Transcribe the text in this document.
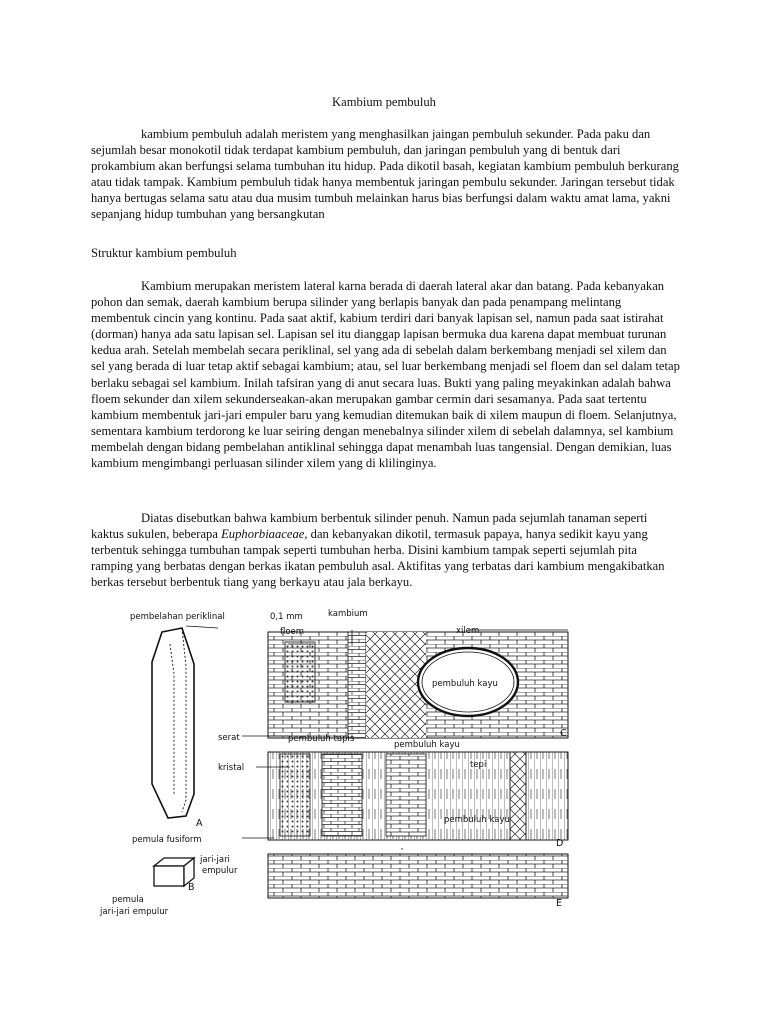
Kambium pembuluh

kambium pembuluh adalah meristem yang menghasilkan jaingan pembuluh sekunder. Pada paku dan sejumlah besar monokotil tidak terdapat kambium pembuluh, dan jaringan pembuluh yang di bentuk dari prokambium akan berfungsi selama tumbuhan itu hidup. Pada dikotil basah, kegiatan kambium pembuluh berkurang atau tidak tampak. Kambium pembuluh tidak hanya membentuk jaringan pembulu sekunder. Jaringan tersebut tidak hanya bertugas selama satu atau dua musim tumbuh melainkan harus bias berfungsi dalam waktu amat lama, yakni sepanjang hidup tumbuhan yang bersangkutan

Struktur kambium pembuluh

Kambium merupakan meristem lateral karna berada di daerah lateral akar dan batang. Pada kebanyakan pohon dan semak, daerah kambium berupa silinder yang berlapis banyak dan pada penampang melintang membentuk cincin yang kontinu. Pada saat aktif, kabium terdiri dari banyak lapisan sel, namun pada saat istirahat (dorman) hanya ada satu lapisan sel. Lapisan sel itu dianggap lapisan bermuka dua karena dapat membuat turunan kedua arah. Setelah membelah secara periklinal, sel yang ada di sebelah dalam berkembang menjadi sel xilem dan sel yang berada di luar tetap aktif sebagai kambium; atau, sel luar berkembang menjadi sel floem dan sel dalam tetap berlaku sebagai sel kambium. Inilah tafsiran yang di anut secara luas. Bukti yang paling meyakinkan adalah bahwa floem sekunder dan xilem sekunderseakan-akan merupakan gambar cermin dari sesamanya. Pada saat tertentu kambium membentuk jari-jari empuler baru yang kemudian ditemukan baik di xilem maupun di floem. Selanjutnya, sementara kambium terdorong ke luar seiring dengan menebalnya silinder xilem di sebelah dalamnya, sel kambium membelah dengan bidang pembelahan antiklinal sehingga dapat menambah luas tangensial. Dengan demikian, luas kambium mengimbangi perluasan silinder xilem yang di klilinginya.

Diatas disebutkan bahwa kambium berbentuk silinder penuh. Namun pada sejumlah tanaman seperti kaktus sukulen, beberapa Euphorbiaaceae, dan kebanyakan dikotil, termasuk papaya, hanya sedikit kayu yang terbentuk sehingga tumbuhan tampak seperti tumbuhan herba. Disini kambium tampak seperti sejumlah pita ramping yang berbatas dengan berkas ikatan pembuluh asal. Aktifitas yang terbatas dari kambium mengakibatkan berkas tersebut berbentuk tiang yang berkayu atau jala berkayu.

pembelahan periklinal	0,1 mm	kambium
floem	xilem
pembuluh kayu
serat	pembuluh tapis
pembuluh kayu
kristal	tepi
pembuluh kayu
pemula fusiform
jari-jari
empulur
pemula
jari-jari empulur
A
B
C
D
E
